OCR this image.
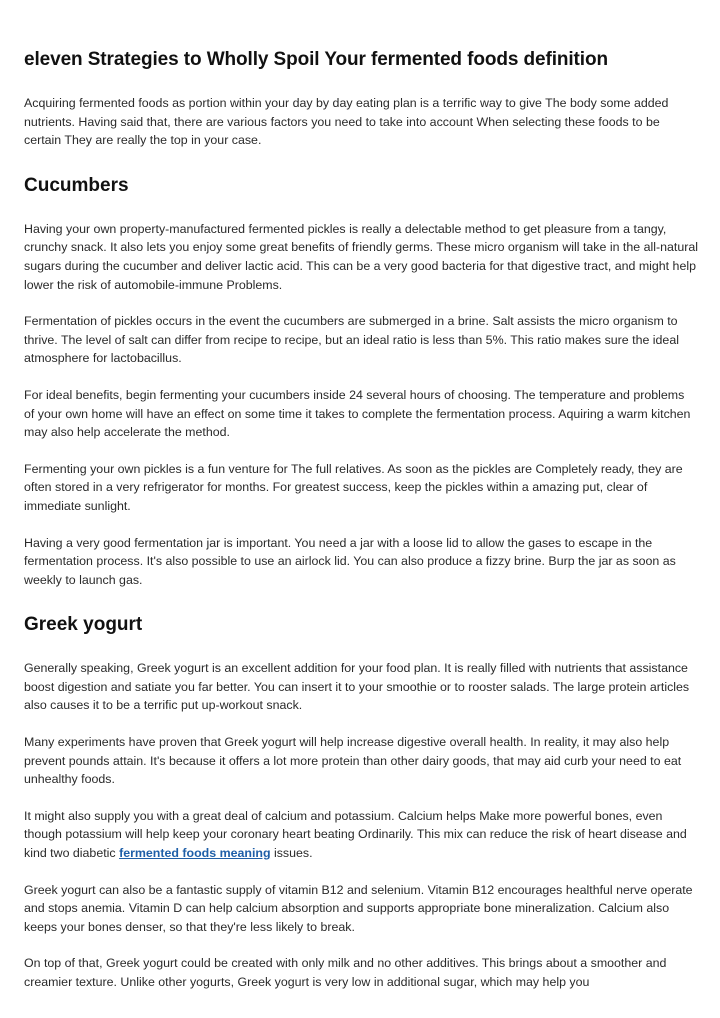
eleven Strategies to Wholly Spoil Your fermented foods definition

Acquiring fermented foods as portion within your day by day eating plan is a terrific way to give The body some added nutrients. Having said that, there are various factors you need to take into account When selecting these foods to be certain They are really the top in your case.

Cucumbers

Having your own property-manufactured fermented pickles is really a delectable method to get pleasure from a tangy, crunchy snack. It also lets you enjoy some great benefits of friendly germs. These micro organism will take in the all-natural sugars during the cucumber and deliver lactic acid. This can be a very good bacteria for that digestive tract, and might help lower the risk of automobile-immune Problems.

Fermentation of pickles occurs in the event the cucumbers are submerged in a brine. Salt assists the micro organism to thrive. The level of salt can differ from recipe to recipe, but an ideal ratio is less than 5%. This ratio makes sure the ideal atmosphere for lactobacillus.

For ideal benefits, begin fermenting your cucumbers inside 24 several hours of choosing. The temperature and problems of your own home will have an effect on some time it takes to complete the fermentation process. Aquiring a warm kitchen may also help accelerate the method.

Fermenting your own pickles is a fun venture for The full relatives. As soon as the pickles are Completely ready, they are often stored in a very refrigerator for months. For greatest success, keep the pickles within a amazing put, clear of immediate sunlight.

Having a very good fermentation jar is important. You need a jar with a loose lid to allow the gases to escape in the fermentation process. It's also possible to use an airlock lid. You can also produce a fizzy brine. Burp the jar as soon as weekly to launch gas.

Greek yogurt

Generally speaking, Greek yogurt is an excellent addition for your food plan. It is really filled with nutrients that assistance boost digestion and satiate you far better. You can insert it to your smoothie or to rooster salads. The large protein articles also causes it to be a terrific put up-workout snack.

Many experiments have proven that Greek yogurt will help increase digestive overall health. In reality, it may also help prevent pounds attain. It's because it offers a lot more protein than other dairy goods, that may aid curb your need to eat unhealthy foods.

It might also supply you with a great deal of calcium and potassium. Calcium helps Make more powerful bones, even though potassium will help keep your coronary heart beating Ordinarily. This mix can reduce the risk of heart disease and kind two diabetic fermented foods meaning issues.

Greek yogurt can also be a fantastic supply of vitamin B12 and selenium. Vitamin B12 encourages healthful nerve operate and stops anemia. Vitamin D can help calcium absorption and supports appropriate bone mineralization. Calcium also keeps your bones denser, so that they're less likely to break.

On top of that, Greek yogurt could be created with only milk and no other additives. This brings about a smoother and creamier texture. Unlike other yogurts, Greek yogurt is very low in additional sugar, which may help you
